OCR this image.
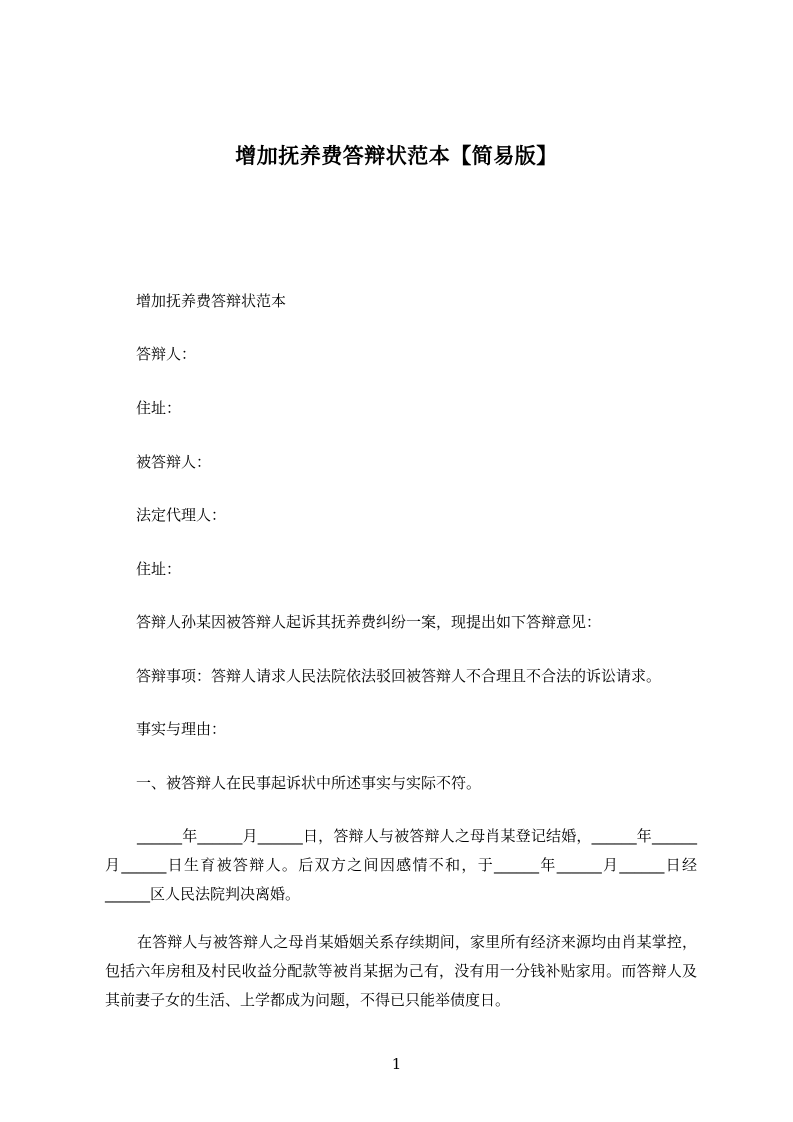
增加抚养费答辩状范本【简易版】
增加抚养费答辩状范本
答辩人：
住址：
被答辩人：
法定代理人：
住址：
答辩人孙某因被答辩人起诉其抚养费纠纷一案，现提出如下答辩意见：
答辩事项：答辩人请求人民法院依法驳回被答辩人不合理且不合法的诉讼请求。
事实与理由：
一、被答辩人在民事起诉状中所述事实与实际不符。
______年______月______日，答辩人与被答辩人之母肖某登记结婚，______年______月______日生育被答辩人。后双方之间因感情不和，于______年______月______日经______区人民法院判决离婚。
在答辩人与被答辩人之母肖某婚姻关系存续期间，家里所有经济来源均由肖某掌控，包括六年房租及村民收益分配款等被肖某据为己有，没有用一分钱补贴家用。而答辩人及其前妻子女的生活、上学都成为问题，不得已只能举债度日。
1
